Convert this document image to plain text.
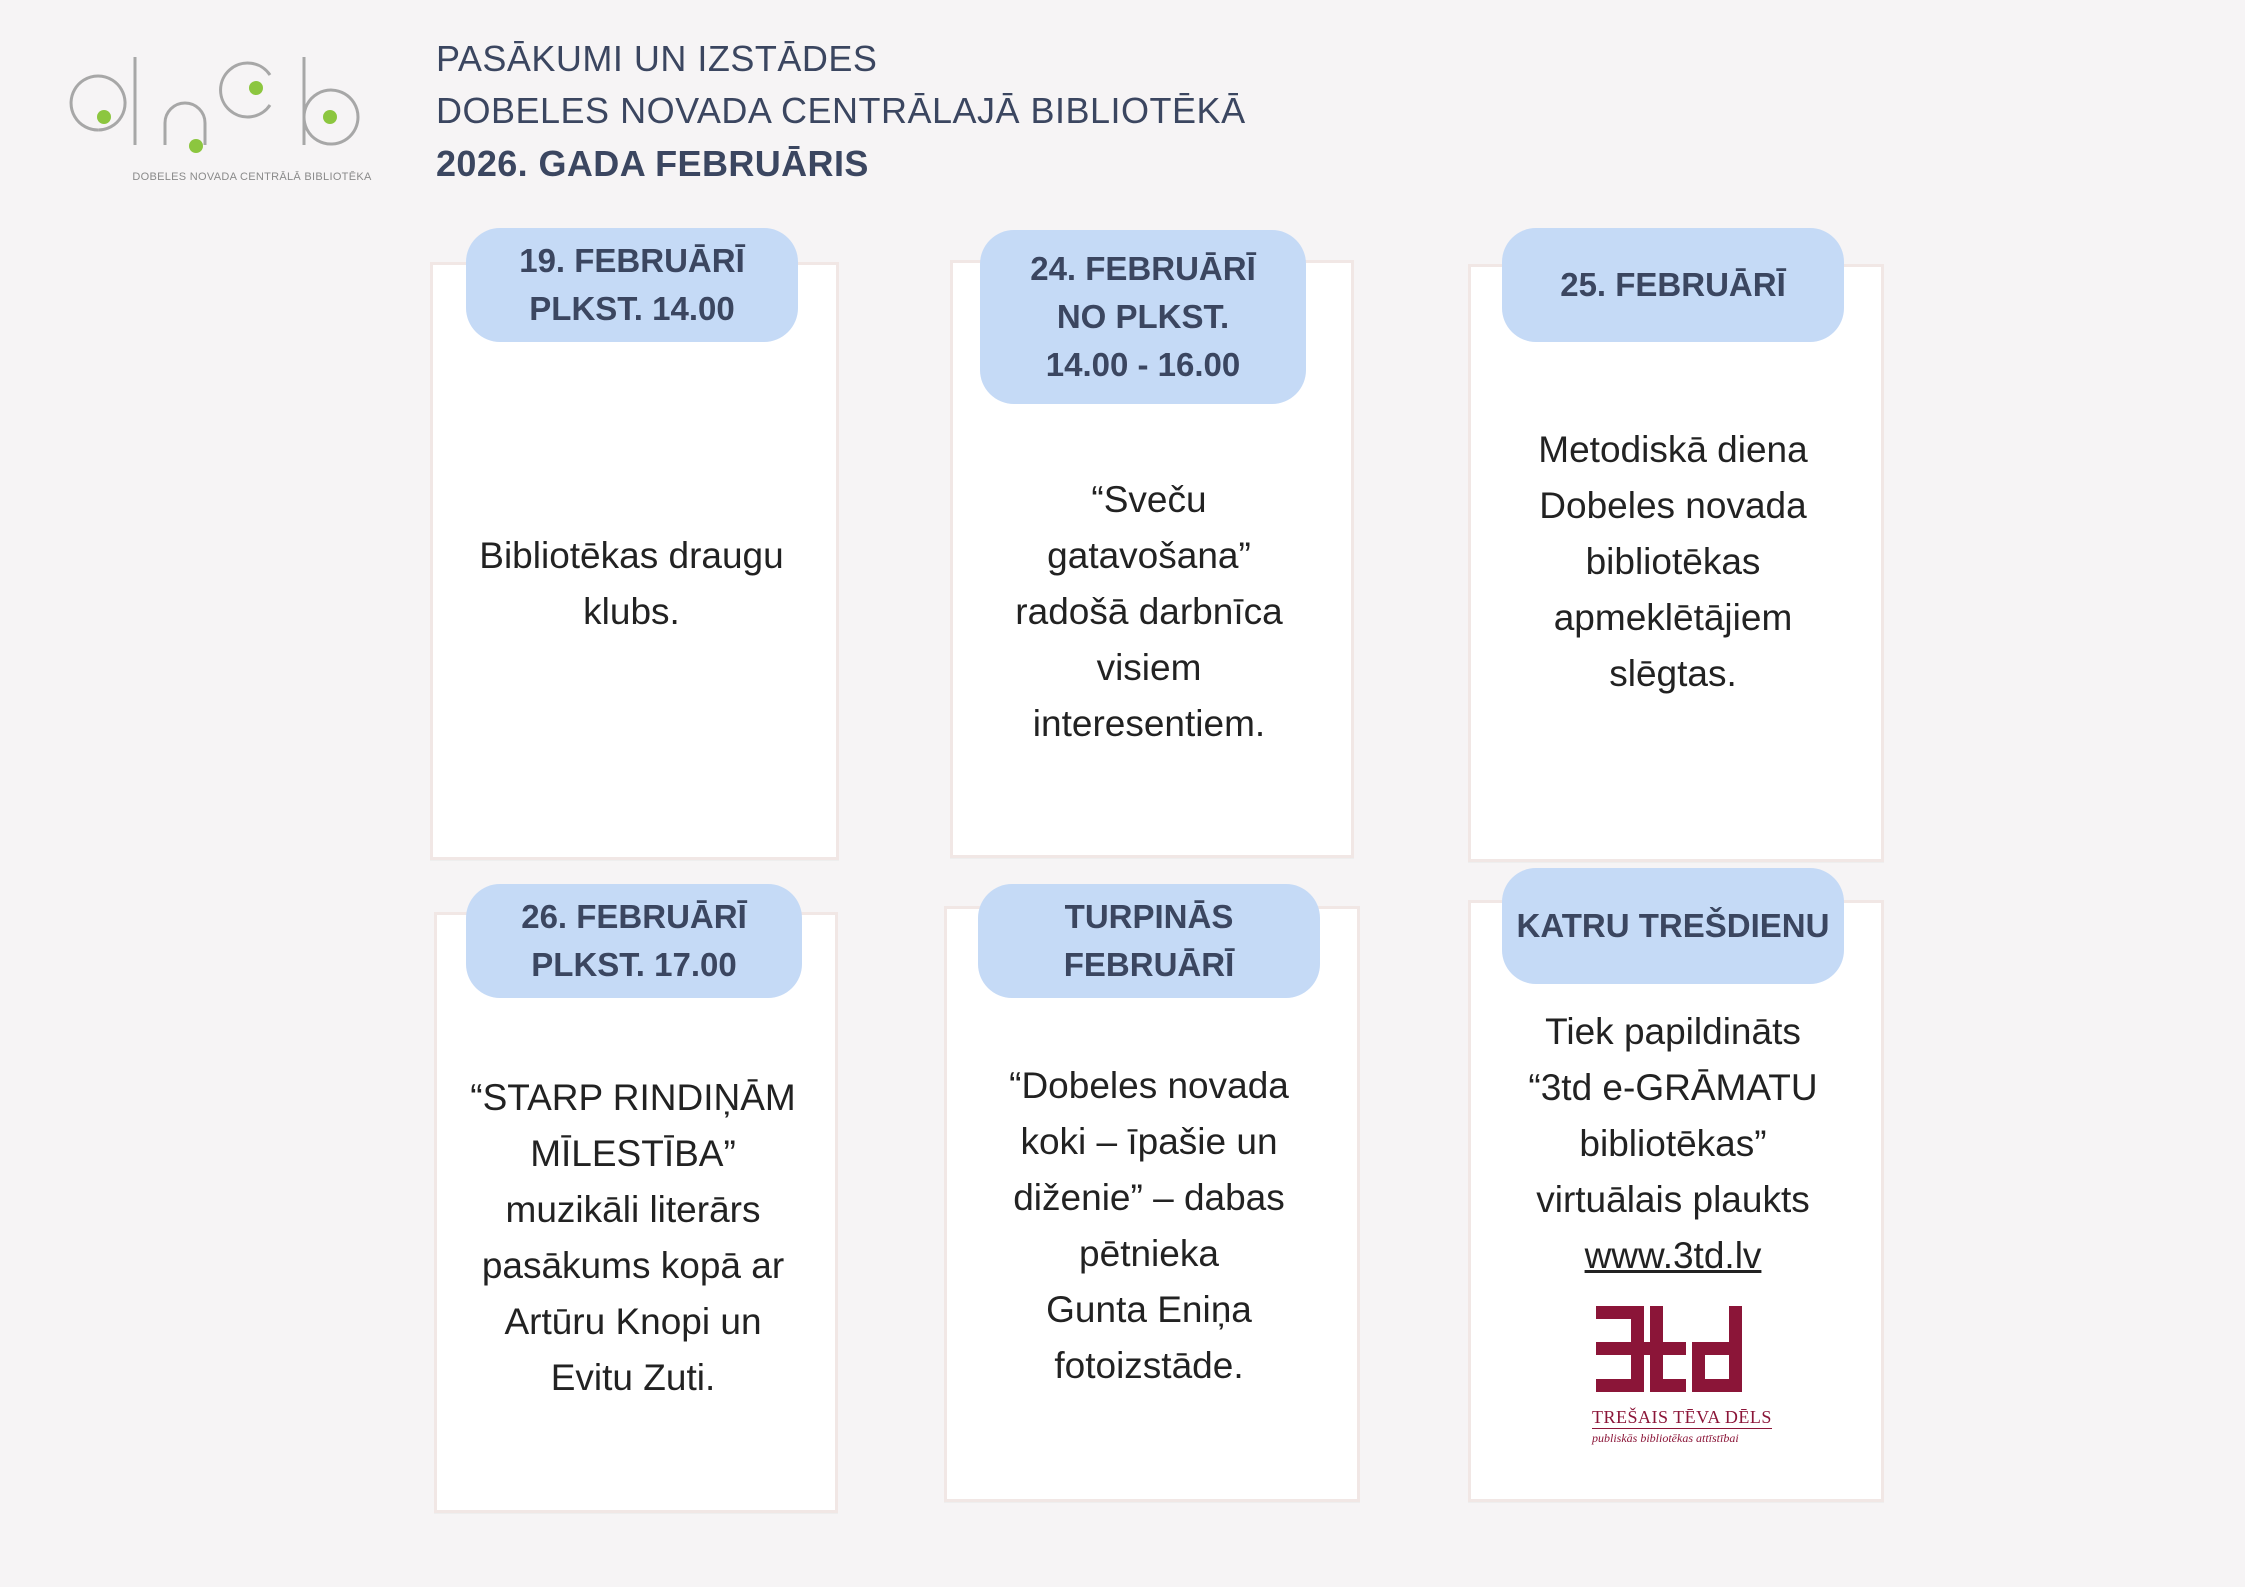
DOBELES NOVADA CENTRĀLĀ BIBLIOTĒKA
PASĀKUMI UN IZSTĀDES
DOBELES NOVADA CENTRĀLAJĀ BIBLIOTĒKĀ
2026. GADA FEBRUĀRIS
19. FEBRUĀRĪ
PLKST. 14.00
Bibliotēkas draugu
klubs.
24. FEBRUĀRĪ
NO PLKST.
14.00 - 16.00
“Sveču
gatavošana”
radošā darbnīca
visiem
interesentiem.
25. FEBRUĀRĪ
Metodiskā diena
Dobeles novada
bibliotēkas
apmeklētājiem
slēgtas.
26. FEBRUĀRĪ
PLKST. 17.00
“STARP RINDIŅĀM
MĪLESTĪBA”
muzikāli literārs
pasākums kopā ar
Artūru Knopi un
Evitu Zuti.
TURPINĀS
FEBRUĀRĪ
“Dobeles novada
koki – īpašie un
diženie” – dabas
pētnieka
Gunta Eniņa
fotoizstāde.
KATRU TREŠDIENU
Tiek papildināts
“3td e-GRĀMATU
bibliotēkas”
virtuālais plaukts
www.3td.lv
TREŠAIS TĒVA DĒLS
publiskās bibliotēkas attīstībai
